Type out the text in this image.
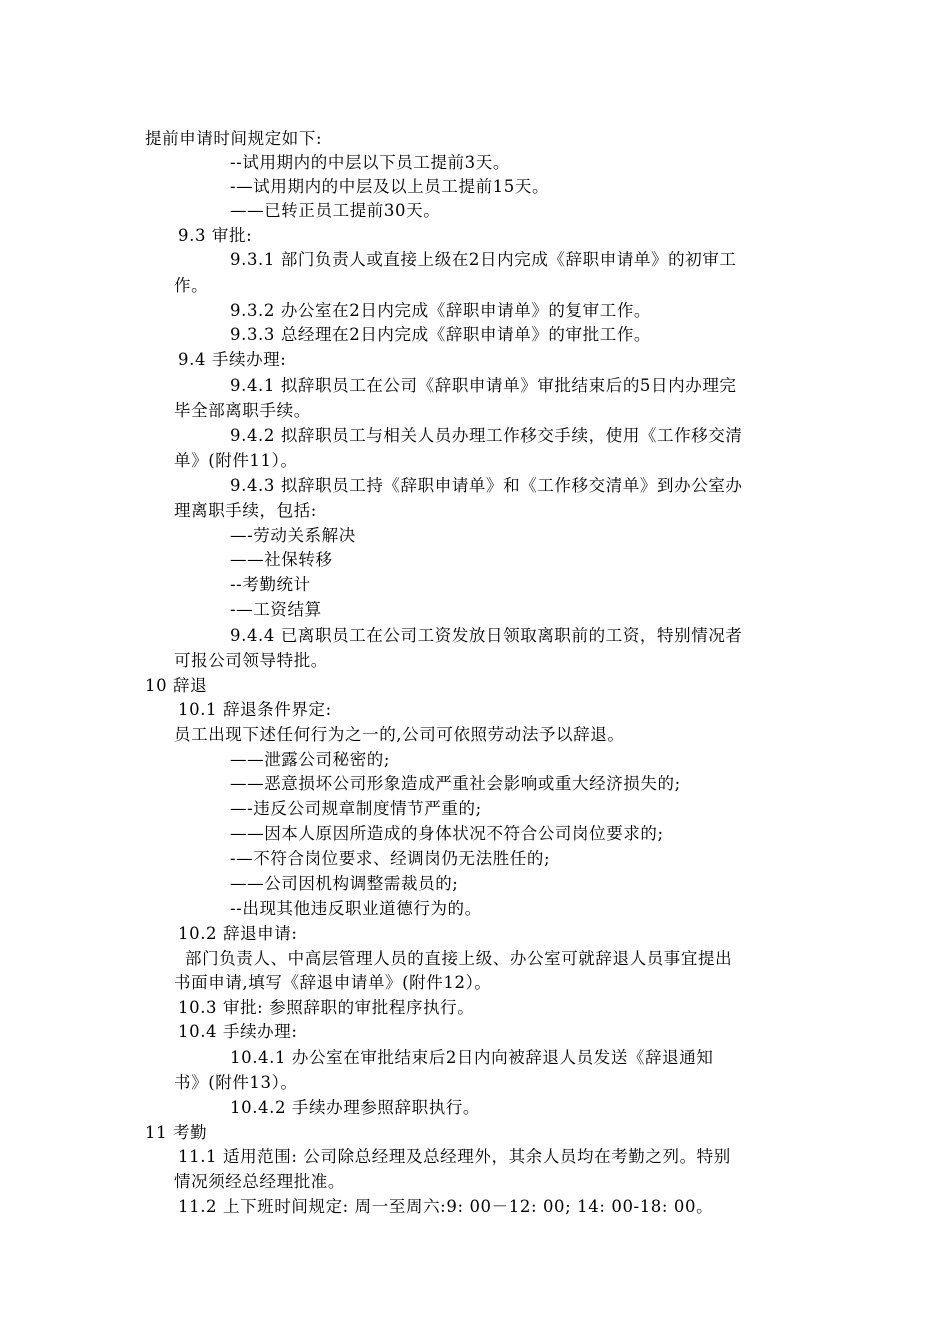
提前申请时间规定如下:
--试用期内的中层以下员工提前3天。
-—试用期内的中层及以上员工提前15天。
——已转正员工提前30天。
9.3 审批:
9.3.1 部门负责人或直接上级在2日内完成《辞职申请单》的初审工
作。
9.3.2 办公室在2日内完成《辞职申请单》的复审工作。
9.3.3 总经理在2日内完成《辞职申请单》的审批工作。
9.4 手续办理:
9.4.1 拟辞职员工在公司《辞职申请单》审批结束后的5日内办理完
毕全部离职手续。
9.4.2 拟辞职员工与相关人员办理工作移交手续，使用《工作移交清
单》(附件11）。
9.4.3 拟辞职员工持《辞职申请单》和《工作移交清单》到办公室办
理离职手续，包括:
—-劳动关系解决
——社保转移
--考勤统计
-—工资结算
9.4.4 已离职员工在公司工资发放日领取离职前的工资，特别情况者
可报公司领导特批。
10 辞退
10.1 辞退条件界定:
员工出现下述任何行为之一的,公司可依照劳动法予以辞退。
——泄露公司秘密的;
——恶意损坏公司形象造成严重社会影响或重大经济损失的;
—-违反公司规章制度情节严重的;
——因本人原因所造成的身体状况不符合公司岗位要求的;
-—不符合岗位要求、经调岗仍无法胜任的;
——公司因机构调整需裁员的;
--出现其他违反职业道德行为的。
10.2 辞退申请:
部门负责人、中高层管理人员的直接上级、办公室可就辞退人员事宜提出
书面申请,填写《辞退申请单》(附件12）。
10.3 审批: 参照辞职的审批程序执行。
10.4 手续办理:
10.4.1 办公室在审批结束后2日内向被辞退人员发送《辞退通知
书》(附件13）。
10.4.2 手续办理参照辞职执行。
11 考勤
11.1 适用范围: 公司除总经理及总经理外，其余人员均在考勤之列。特别
情况须经总经理批准。
11.2 上下班时间规定: 周一至周六:9: 00－12: 00; 14: 00-18: 00。
